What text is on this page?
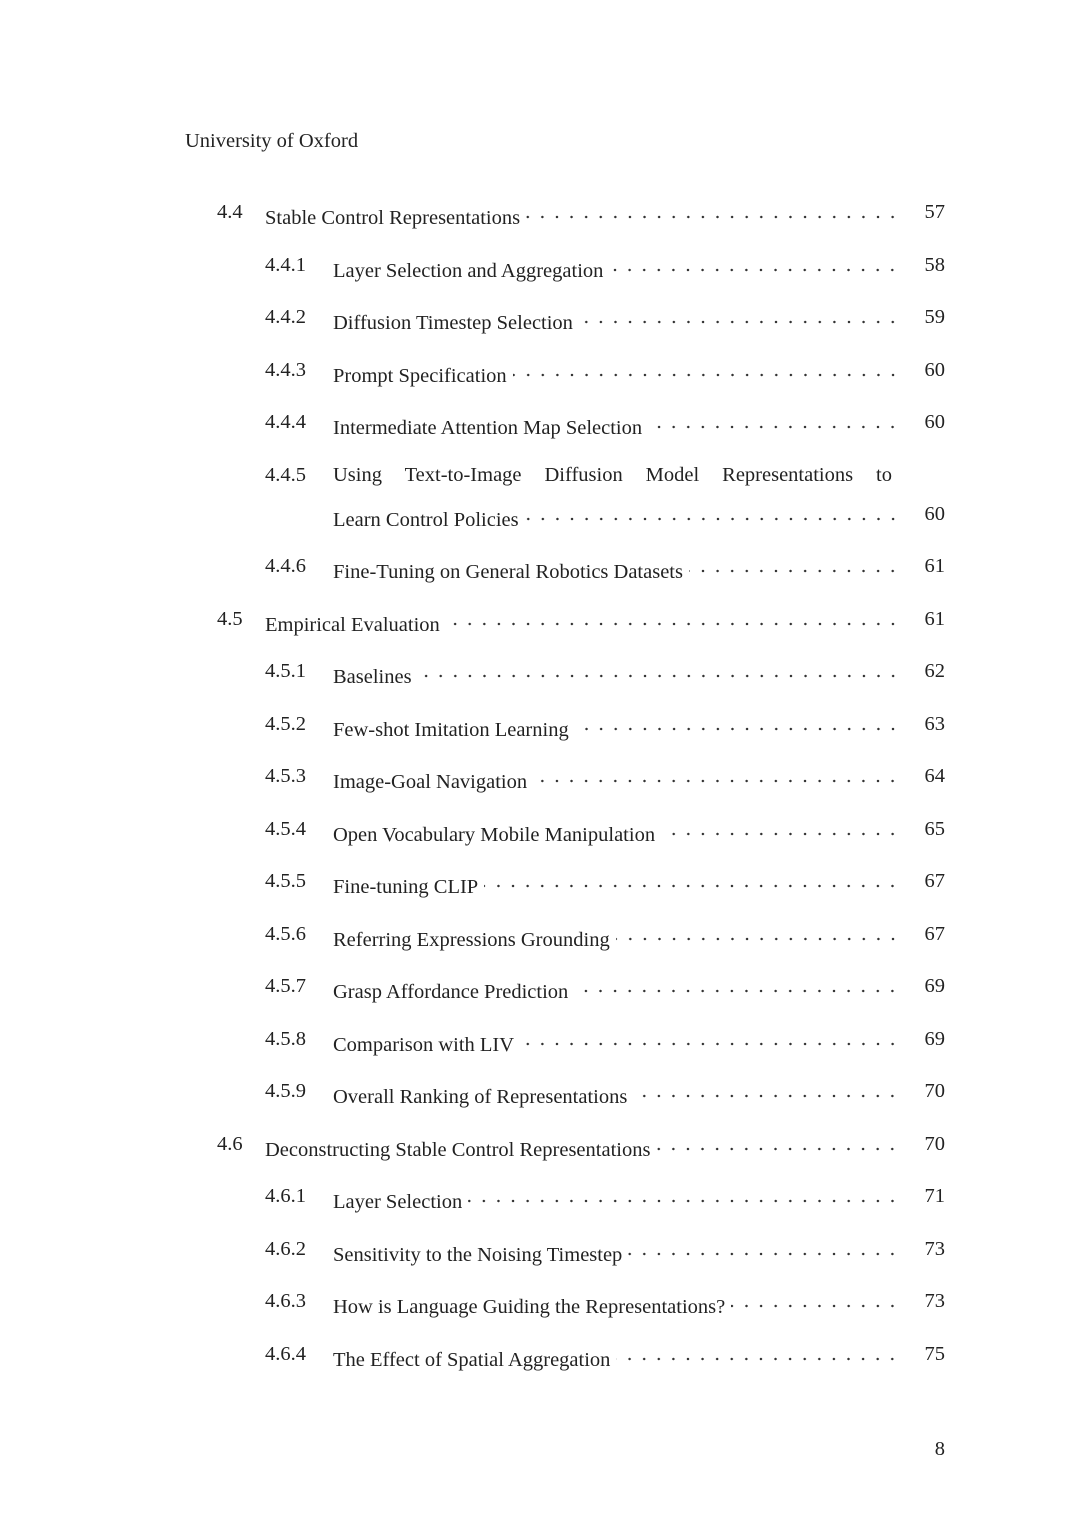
University of Oxford
4.4 Stable Control Representations	57
4.4.1 Layer Selection and Aggregation	58
4.4.2 Diffusion Timestep Selection	59
4.4.3 Prompt Specification	60
4.4.4 Intermediate Attention Map Selection	60
4.4.5 Using Text-to-Image Diffusion Model Representations to
Learn Control Policies	60
4.4.6 Fine-Tuning on General Robotics Datasets	61
4.5 Empirical Evaluation	61
4.5.1 Baselines	62
4.5.2 Few-shot Imitation Learning	63
4.5.3 Image-Goal Navigation	64
4.5.4 Open Vocabulary Mobile Manipulation	65
4.5.5 Fine-tuning CLIP	67
4.5.6 Referring Expressions Grounding	67
4.5.7 Grasp Affordance Prediction	69
4.5.8 Comparison with LIV	69
4.5.9 Overall Ranking of Representations	70
4.6 Deconstructing Stable Control Representations	70
4.6.1 Layer Selection	71
4.6.2 Sensitivity to the Noising Timestep	73
4.6.3 How is Language Guiding the Representations?	73
4.6.4 The Effect of Spatial Aggregation	75
8
